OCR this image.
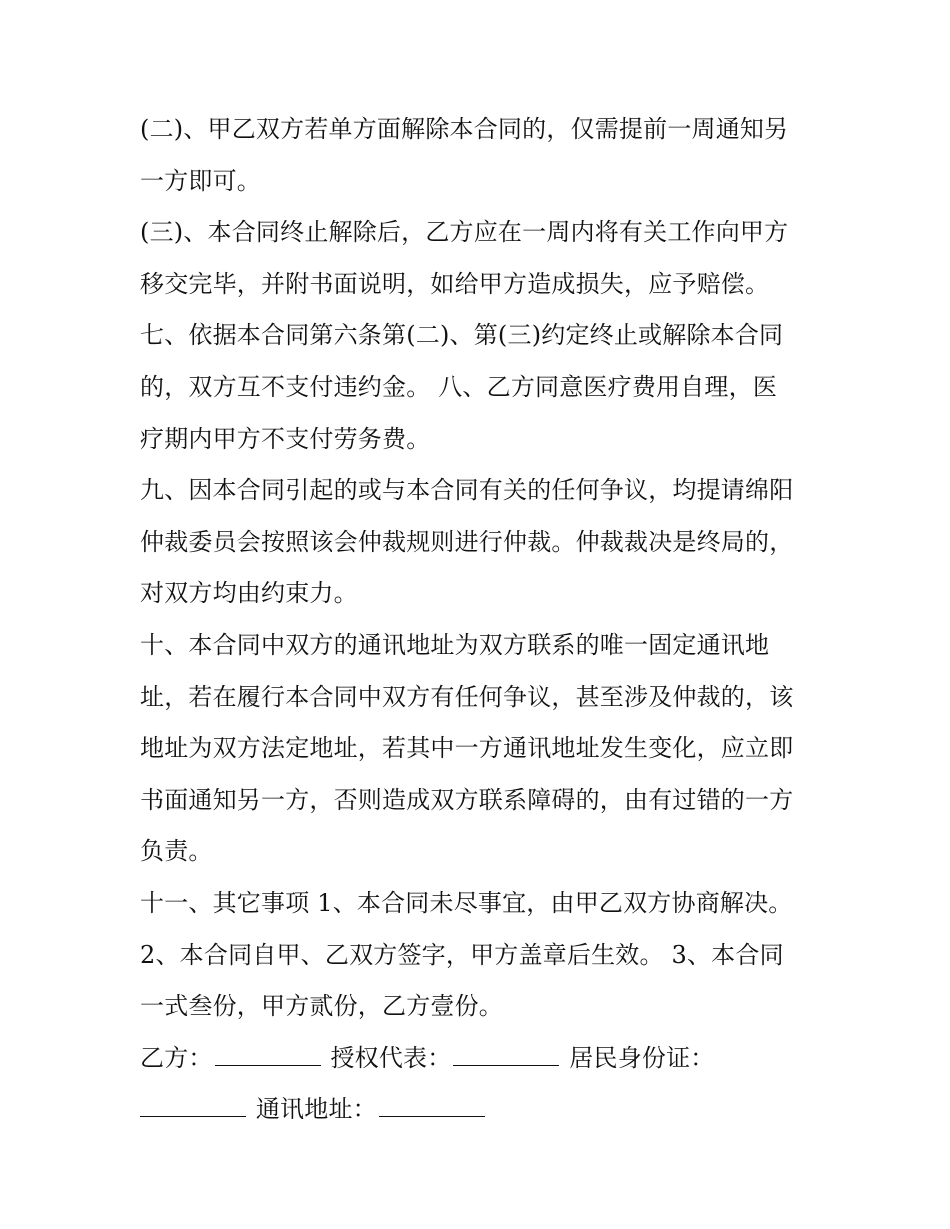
(二)、甲乙双方若单方面解除本合同的，仅需提前一周通知另
一方即可。
(三)、本合同终止解除后，乙方应在一周内将有关工作向甲方
移交完毕，并附书面说明，如给甲方造成损失，应予赔偿。
七、依据本合同第六条第(二)、第(三)约定终止或解除本合同
的，双方互不支付违约金。 八、乙方同意医疗费用自理，医
疗期内甲方不支付劳务费。
九、因本合同引起的或与本合同有关的任何争议，均提请绵阳
仲裁委员会按照该会仲裁规则进行仲裁。仲裁裁决是终局的，
对双方均由约束力。
十、本合同中双方的通讯地址为双方联系的唯一固定通讯地
址，若在履行本合同中双方有任何争议，甚至涉及仲裁的，该
地址为双方法定地址，若其中一方通讯地址发生变化，应立即
书面通知另一方，否则造成双方联系障碍的，由有过错的一方
负责。
十一、其它事项 1、本合同未尽事宜，由甲乙双方协商解决。
2、本合同自甲、乙双方签字，甲方盖章后生效。 3、本合同
一式叁份，甲方贰份，乙方壹份。
乙方：	授权代表：	居民身份证：
通讯地址：
